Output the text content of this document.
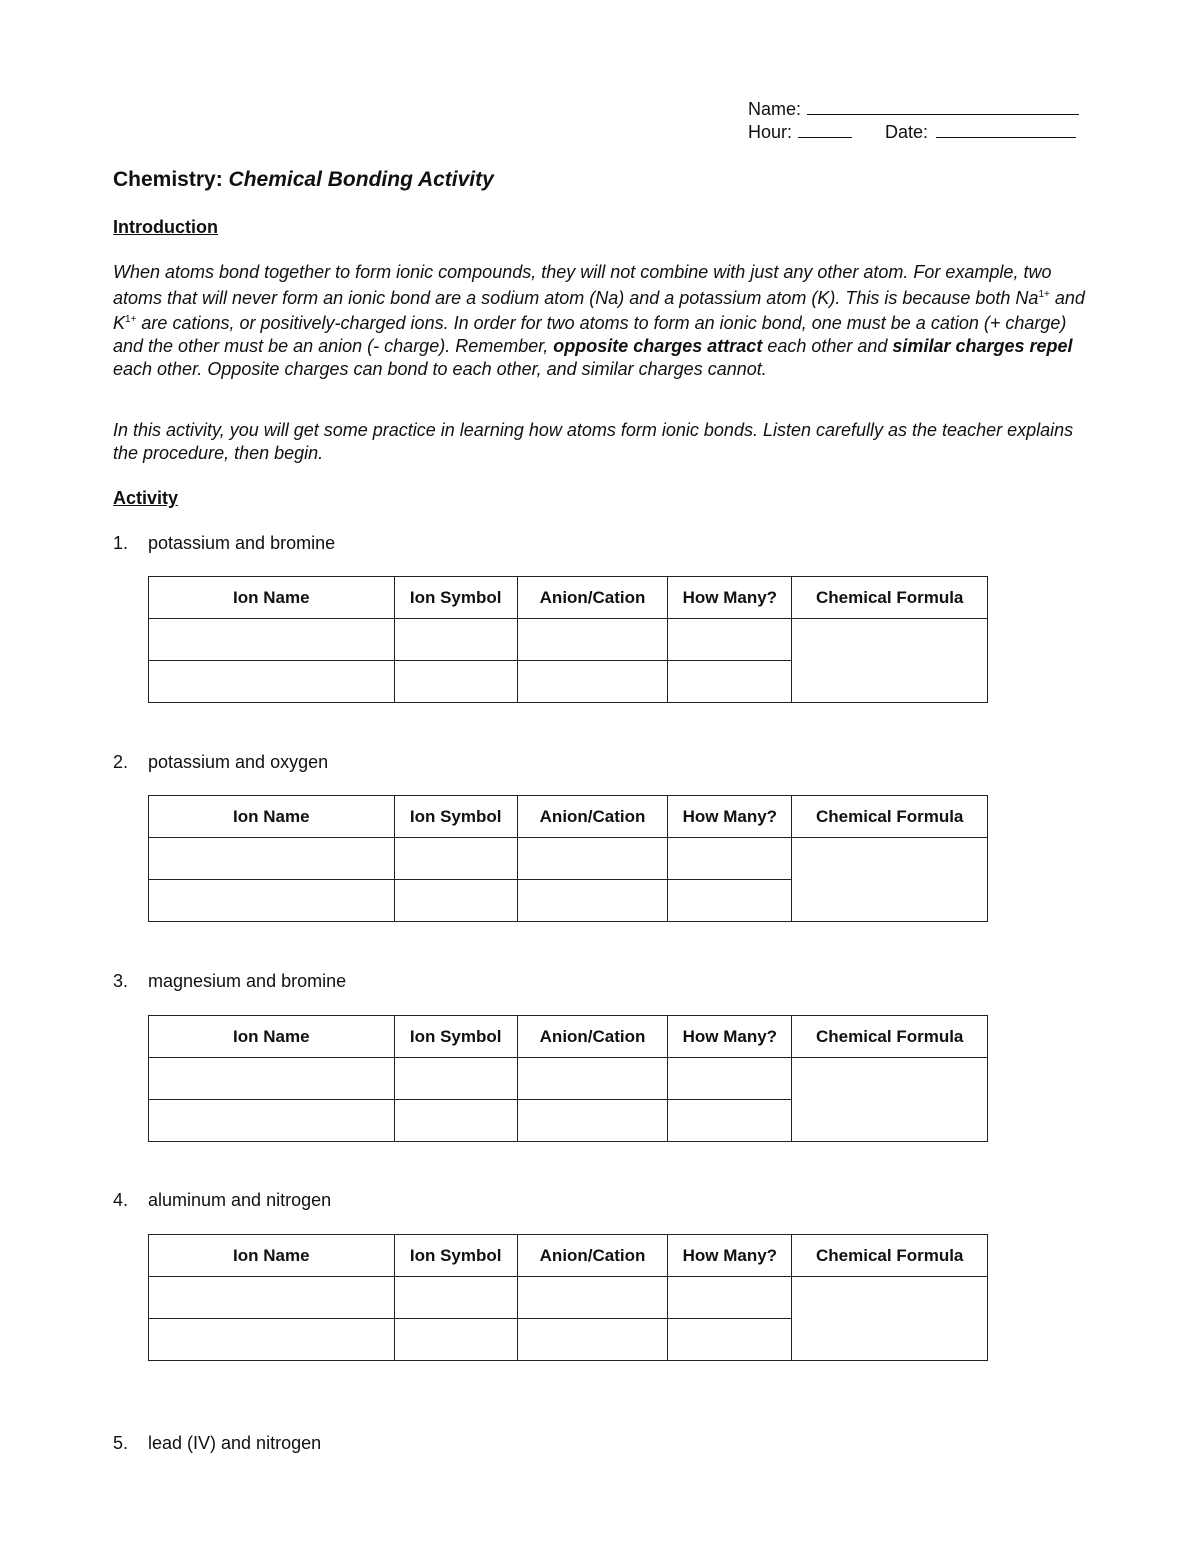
Name:
Hour:	Date:
Chemistry: Chemical Bonding Activity
Introduction
When atoms bond together to form ionic compounds, they will not combine with just any other atom. For example, two atoms that will never form an ionic bond are a sodium atom (Na) and a potassium atom (K). This is because both $Na^{1+}$ and $K^{1+}$ are cations, or positively-charged ions. In order for two atoms to form an ionic bond, one must be a cation (+ charge) and the other must be an anion (- charge). Remember, opposite charges attract each other and similar charges repel each other. Opposite charges can bond to each other, and similar charges cannot.
In this activity, you will get some practice in learning how atoms form ionic bonds. Listen carefully as the teacher explains the procedure, then begin.
Activity
1. potassium and bromine
Ion Name	Ion Symbol	Anion/Cation	How Many?	Chemical Formula

2. potassium and oxygen
Ion Name	Ion Symbol	Anion/Cation	How Many?	Chemical Formula

3. magnesium and bromine
Ion Name	Ion Symbol	Anion/Cation	How Many?	Chemical Formula

4. aluminum and nitrogen
Ion Name	Ion Symbol	Anion/Cation	How Many?	Chemical Formula

5. lead (IV) and nitrogen
